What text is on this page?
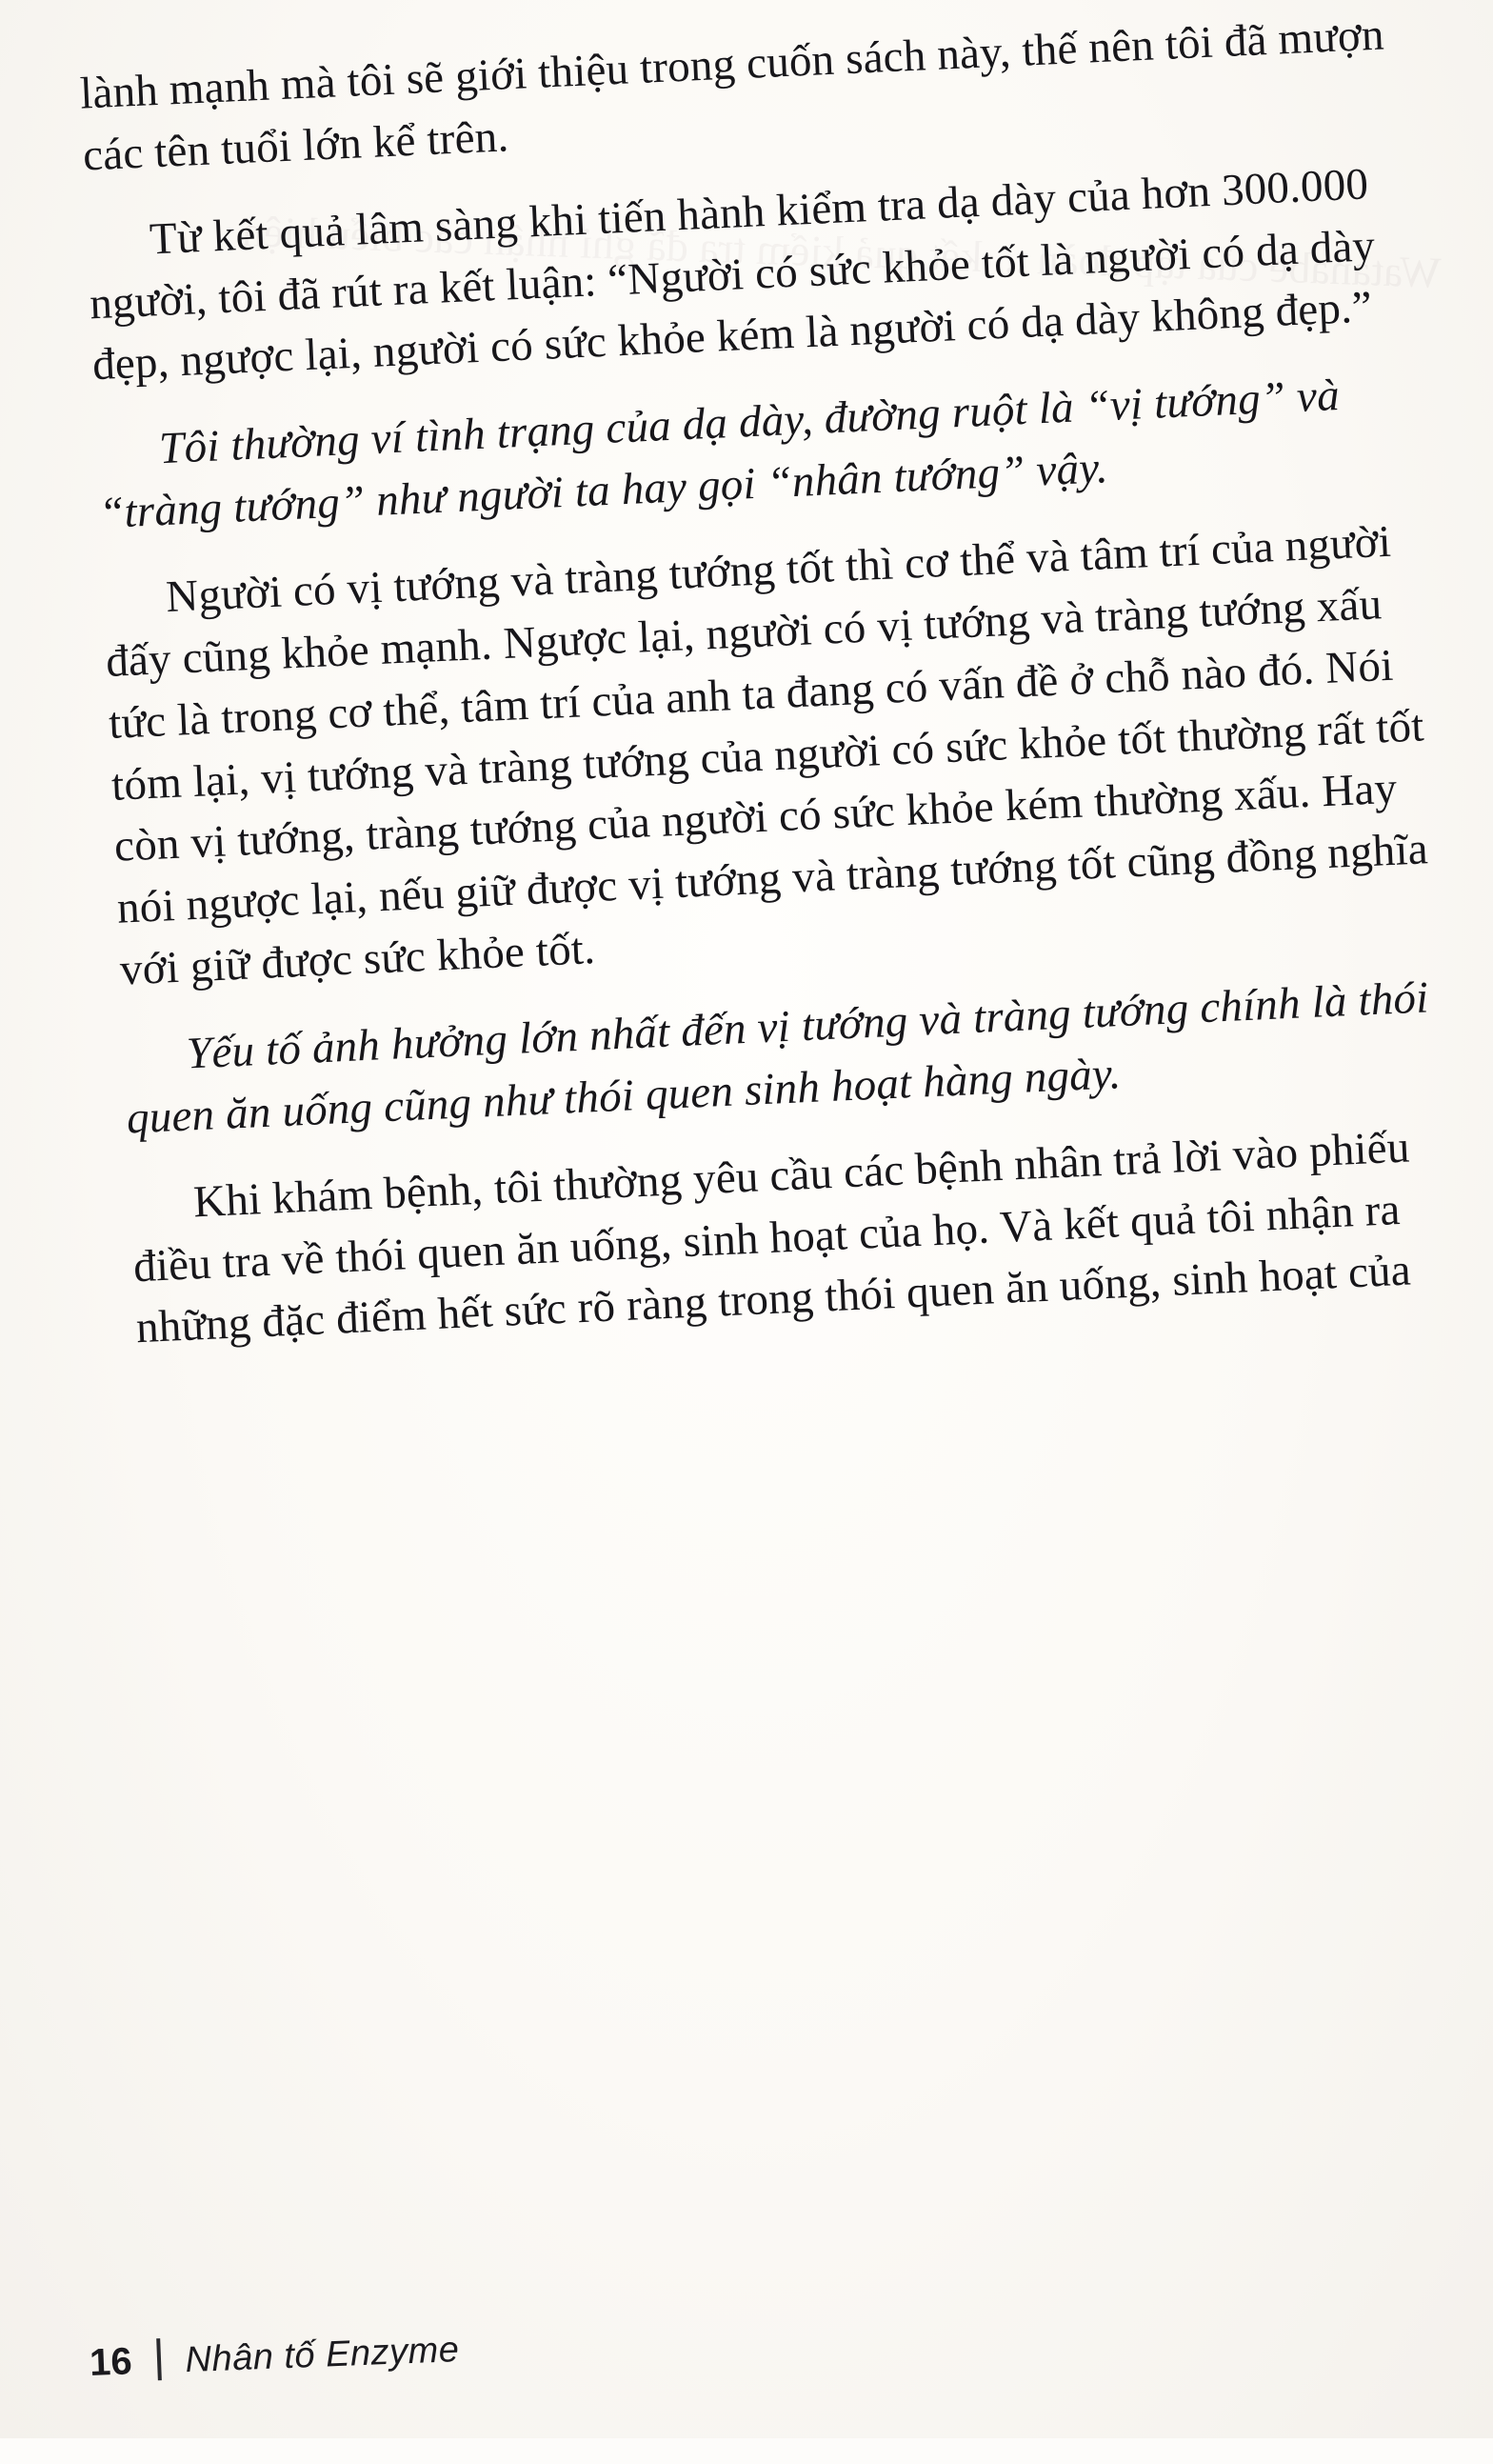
lành mạnh mà tôi sẽ giới thiệu trong cuốn sách này, thế nên tôi đã mượn các tên tuổi lớn kể trên.

Từ kết quả lâm sàng khi tiến hành kiểm tra dạ dày của hơn 300.000 người, tôi đã rút ra kết luận: “Người có sức khỏe tốt là người có dạ dày đẹp, ngược lại, người có sức khỏe kém là người có dạ dày không đẹp.”

Tôi thường ví tình trạng của dạ dày, đường ruột là “vị tướng” và “tràng tướng” như người ta hay gọi “nhân tướng” vậy.

Người có vị tướng và tràng tướng tốt thì cơ thể và tâm trí của người đấy cũng khỏe mạnh. Ngược lại, người có vị tướng và tràng tướng xấu tức là trong cơ thể, tâm trí của anh ta đang có vấn đề ở chỗ nào đó. Nói tóm lại, vị tướng và tràng tướng của người có sức khỏe tốt thường rất tốt còn vị tướng, tràng tướng của người có sức khỏe kém thường xấu. Hay nói ngược lại, nếu giữ được vị tướng và tràng tướng tốt cũng đồng nghĩa với giữ được sức khỏe tốt.

Yếu tố ảnh hưởng lớn nhất đến vị tướng và tràng tướng chính là thói quen ăn uống cũng như thói quen sinh hoạt hàng ngày.

Khi khám bệnh, tôi thường yêu cầu các bệnh nhân trả lời vào phiếu điều tra về thói quen ăn uống, sinh hoạt của họ. Và kết quả tôi nhận ra những đặc điểm hết sức rõ ràng trong thói quen ăn uống, sinh hoạt của

16 Nhân tố Enzyme
